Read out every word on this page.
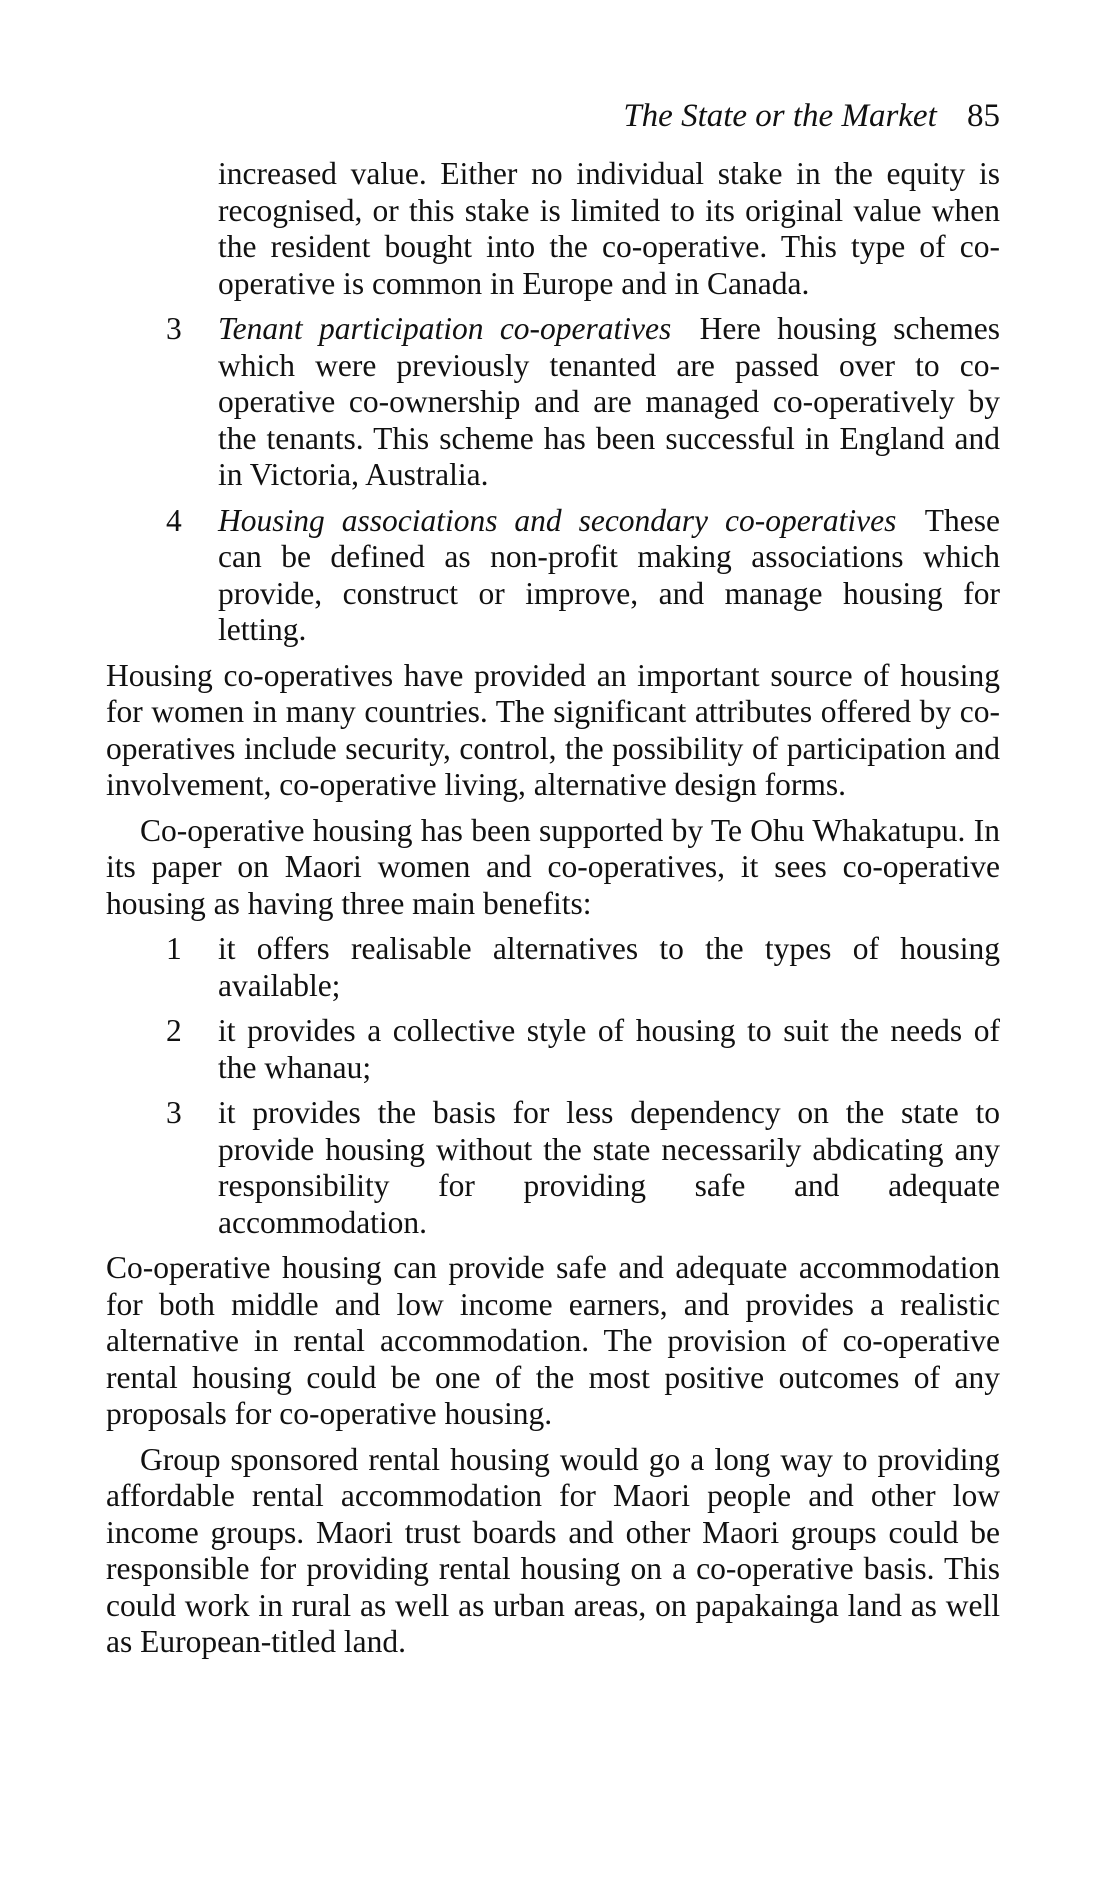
The State or the Market 85
increased value. Either no individual stake in the equity is recognised, or this stake is limited to its original value when the resident bought into the co-operative. This type of co-operative is common in Europe and in Canada.
3 Tenant participation co-operatives Here housing schemes which were previously tenanted are passed over to co-operative co-ownership and are managed co-operatively by the tenants. This scheme has been successful in England and in Victoria, Australia.
4 Housing associations and secondary co-operatives These can be defined as non-profit making associations which provide, construct or improve, and manage housing for letting.

Housing co-operatives have provided an important source of housing for women in many countries. The significant attributes offered by co-operatives include security, control, the possibility of participation and involvement, co-operative living, alternative design forms.

Co-operative housing has been supported by Te Ohu Whakatupu. In its paper on Maori women and co-operatives, it sees co-operative housing as having three main benefits:

1 it offers realisable alternatives to the types of housing available;
2 it provides a collective style of housing to suit the needs of the whanau;
3 it provides the basis for less dependency on the state to provide housing without the state necessarily abdicating any responsibility for providing safe and adequate accommodation.

Co-operative housing can provide safe and adequate accommodation for both middle and low income earners, and provides a realistic alternative in rental accommodation. The provision of co-operative rental housing could be one of the most positive outcomes of any proposals for co-operative housing.

Group sponsored rental housing would go a long way to providing affordable rental accommodation for Maori people and other low income groups. Maori trust boards and other Maori groups could be responsible for providing rental housing on a co-operative basis. This could work in rural as well as urban areas, on papakainga land as well as European-titled land.
